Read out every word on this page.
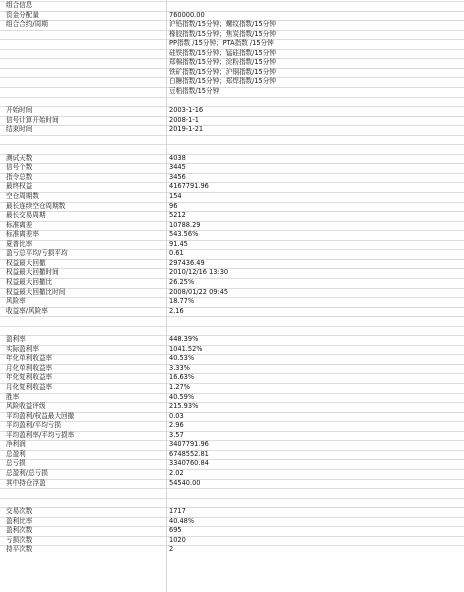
组合信息
资金分配量	760000.00
组合合约/周期	沪铅指数/15分钟；螺纹指数/15分钟
橡胶指数/15分钟；焦炭指数/15分钟
PP指数 /15分钟；PTA指数 /15分钟
硅铁指数/15分钟；锰硅指数/15分钟
郑棉指数/15分钟；淀粉指数/15分钟
铁矿指数/15分钟；沪铜指数/15分钟
白糖指数/15分钟；郑焊指数/15分钟
豆粕指数/15分钟
开始时间	2003-1-16
信号计算开始时间	2008-1-1
结束时间	2019-1-21
测试天数	4038
信号个数	3445
指令总数	3456
最终权益	4167791.96
空仓周期数	154
最长连续空仓周期数	96
最长交易周期	5212
标准离差	10788.29
标准离差率	543.56%
夏普比率	91.45
盈亏总平均/亏损平均	0.61
权益最大回撤	297436.49
权益最大回撤时间	2010/12/16 13:30
权益最大回撤比	26.25%
权益最大回撤比时间	2008/01/22 09:45
风险率	18.77%
收益率/风险率	2.16
盈利率	448.39%
实际盈利率	1041.52%
年化单利收益率	40.53%
月化单利收益率	3.33%
年化复利收益率	16.63%
月化复利收益率	1.27%
胜率	40.59%
风险收益评级	215.93%
平均盈利/权益最大回撤	0.03
平均盈利/平均亏损	2.96
平均盈利率/平均亏损率	3.57
净利润	3407791.96
总盈利	6748552.81
总亏损	3340760.84
总盈利/总亏损	2.02
其中持仓浮盈	54540.00
交易次数	1717
盈利比率	40.48%
盈利次数	695
亏损次数	1020
持平次数	2
